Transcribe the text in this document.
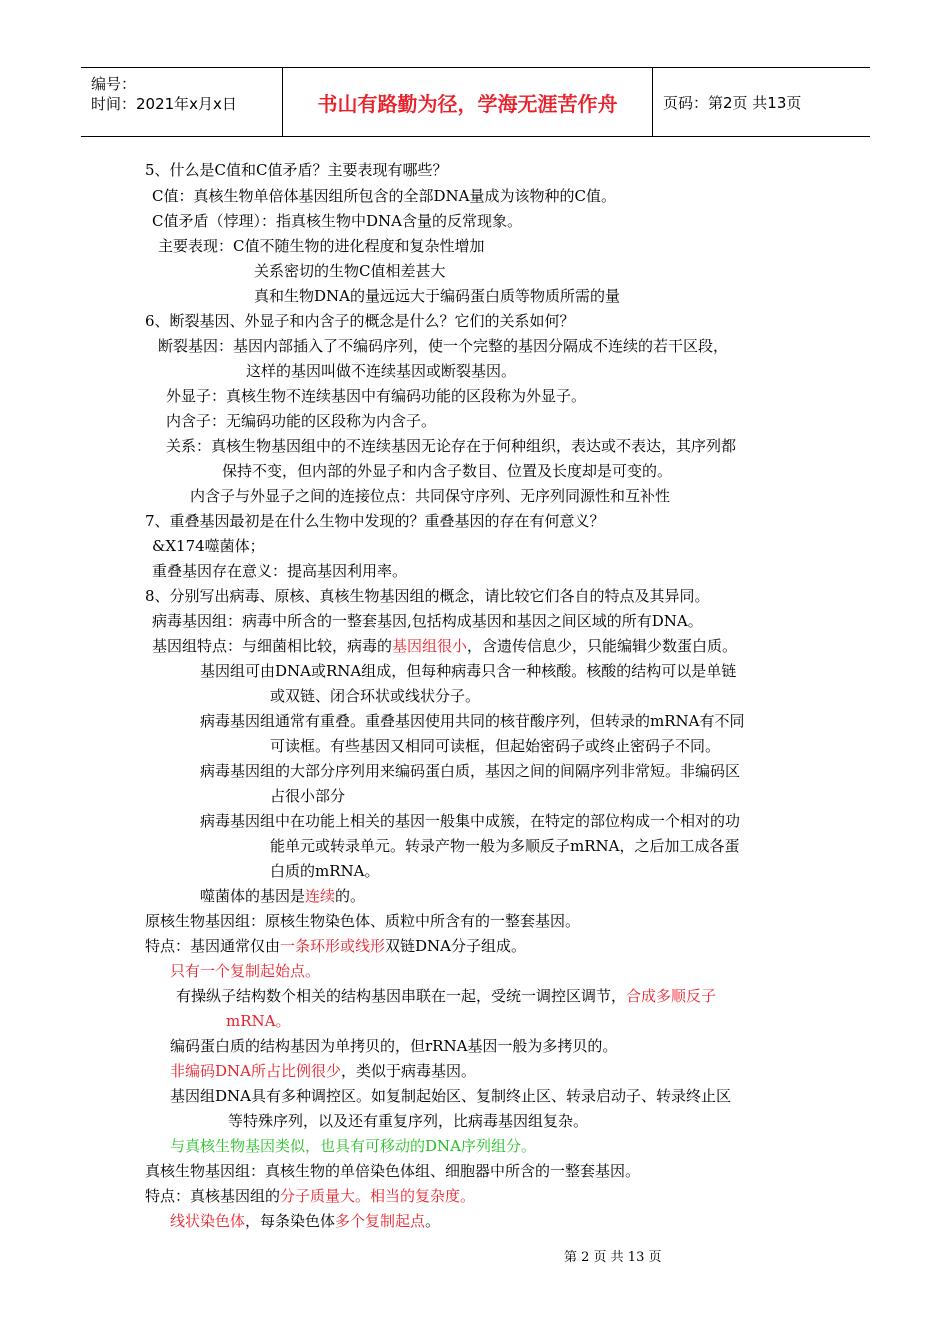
编号：
时间：2021年x月x日	书山有路勤为径，学海无涯苦作舟	页码：第2页 共13页
5、什么是C值和C值矛盾？主要表现有哪些？
C值：真核生物单倍体基因组所包含的全部DNA量成为该物种的C值。
C值矛盾（悖理）：指真核生物中DNA含量的反常现象。
主要表现：C值不随生物的进化程度和复杂性增加
关系密切的生物C值相差甚大
真和生物DNA的量远远大于编码蛋白质等物质所需的量
6、断裂基因、外显子和内含子的概念是什么？它们的关系如何？
断裂基因：基因内部插入了不编码序列，使一个完整的基因分隔成不连续的若干区段，
这样的基因叫做不连续基因或断裂基因。
外显子：真核生物不连续基因中有编码功能的区段称为外显子。
内含子：无编码功能的区段称为内含子。
关系：真核生物基因组中的不连续基因无论存在于何种组织，表达或不表达，其序列都
保持不变，但内部的外显子和内含子数目、位置及长度却是可变的。
内含子与外显子之间的连接位点：共同保守序列、无序列同源性和互补性
7、重叠基因最初是在什么生物中发现的？重叠基因的存在有何意义？
&X174噬菌体；
重叠基因存在意义：提高基因利用率。
8、分别写出病毒、原核、真核生物基因组的概念，请比较它们各自的特点及其异同。
病毒基因组：病毒中所含的一整套基因,包括构成基因和基因之间区域的所有DNA。
基因组特点：与细菌相比较，病毒的基因组很小，含遗传信息少，只能编辑少数蛋白质。
基因组可由DNA或RNA组成，但每种病毒只含一种核酸。核酸的结构可以是单链
或双链、闭合环状或线状分子。
病毒基因组通常有重叠。重叠基因使用共同的核苷酸序列，但转录的mRNA有不同
可读框。有些基因又相同可读框，但起始密码子或终止密码子不同。
病毒基因组的大部分序列用来编码蛋白质，基因之间的间隔序列非常短。非编码区
占很小部分
病毒基因组中在功能上相关的基因一般集中成簇，在特定的部位构成一个相对的功
能单元或转录单元。转录产物一般为多顺反子mRNA，之后加工成各蛋
白质的mRNA。
噬菌体的基因是连续的。
原核生物基因组：原核生物染色体、质粒中所含有的一整套基因。
特点：基因通常仅由一条环形或线形双链DNA分子组成。
只有一个复制起始点。
有操纵子结构数个相关的结构基因串联在一起，受统一调控区调节，合成多顺反子
mRNA。
编码蛋白质的结构基因为单拷贝的，但rRNA基因一般为多拷贝的。
非编码DNA所占比例很少，类似于病毒基因。
基因组DNA具有多种调控区。如复制起始区、复制终止区、转录启动子、转录终止区
等特殊序列，以及还有重复序列，比病毒基因组复杂。
与真核生物基因类似，也具有可移动的DNA序列组分。
真核生物基因组：真核生物的单倍染色体组、细胞器中所含的一整套基因。
特点：真核基因组的分子质量大。相当的复杂度。
线状染色体，每条染色体多个复制起点。
第 2 页 共 13 页
